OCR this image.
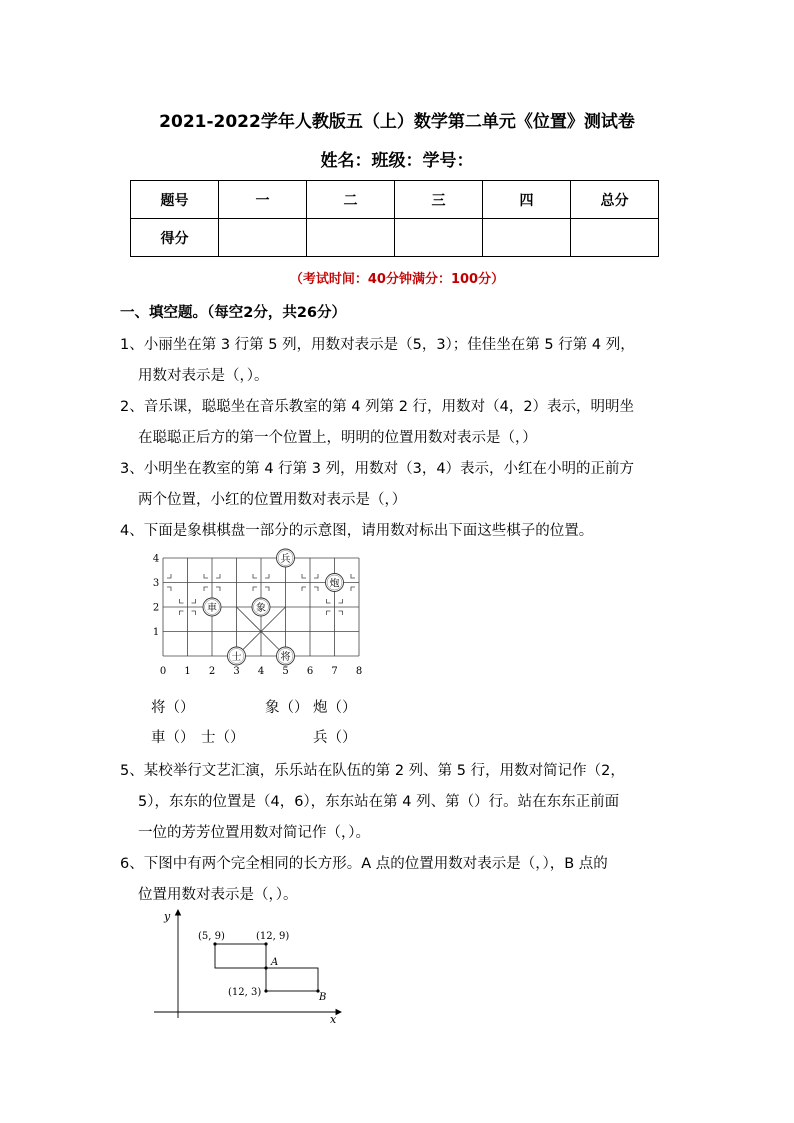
2021-2022学年人教版五（上）数学第二单元《位置》测试卷
姓名：班级：学号：
题号	一	二	三	四	总分
得分					
（考试时间：40分钟满分：100分）
一、填空题。（每空2分，共26分）
1、小丽坐在第 3 行第 5 列，用数对表示是（5，3）；佳佳坐在第 5 行第 4 列，
用数对表示是（，）。
2、音乐课，聪聪坐在音乐教室的第 4 列第 2 行，用数对（4，2）表示，明明坐
在聪聪正后方的第一个位置上，明明的位置用数对表示是（，）
3、小明坐在教室的第 4 行第 3 列，用数对（3，4）表示，小红在小明的正前方
两个位置，小红的位置用数对表示是（，）
4、下面是象棋棋盘一部分的示意图，请用数对标出下面这些棋子的位置。
0 1 2 3 4 5 6 7 8
1
2
3
4	兵
炮
車	象
士	将
将（）	象（） 炮（）
車（） 士（）	兵（）
5、某校举行文艺汇演，乐乐站在队伍的第 2 列、第 5 行，用数对简记作（2，
5），东东的位置是（4，6），东东站在第 4 列、第（）行。站在东东正前面
一位的芳芳位置用数对简记作（，）。
6、下图中有两个完全相同的长方形。A 点的位置用数对表示是（，），B 点的
位置用数对表示是（，）。
y
x
(5, 9)	(12, 9)
A
(12, 3)	B
